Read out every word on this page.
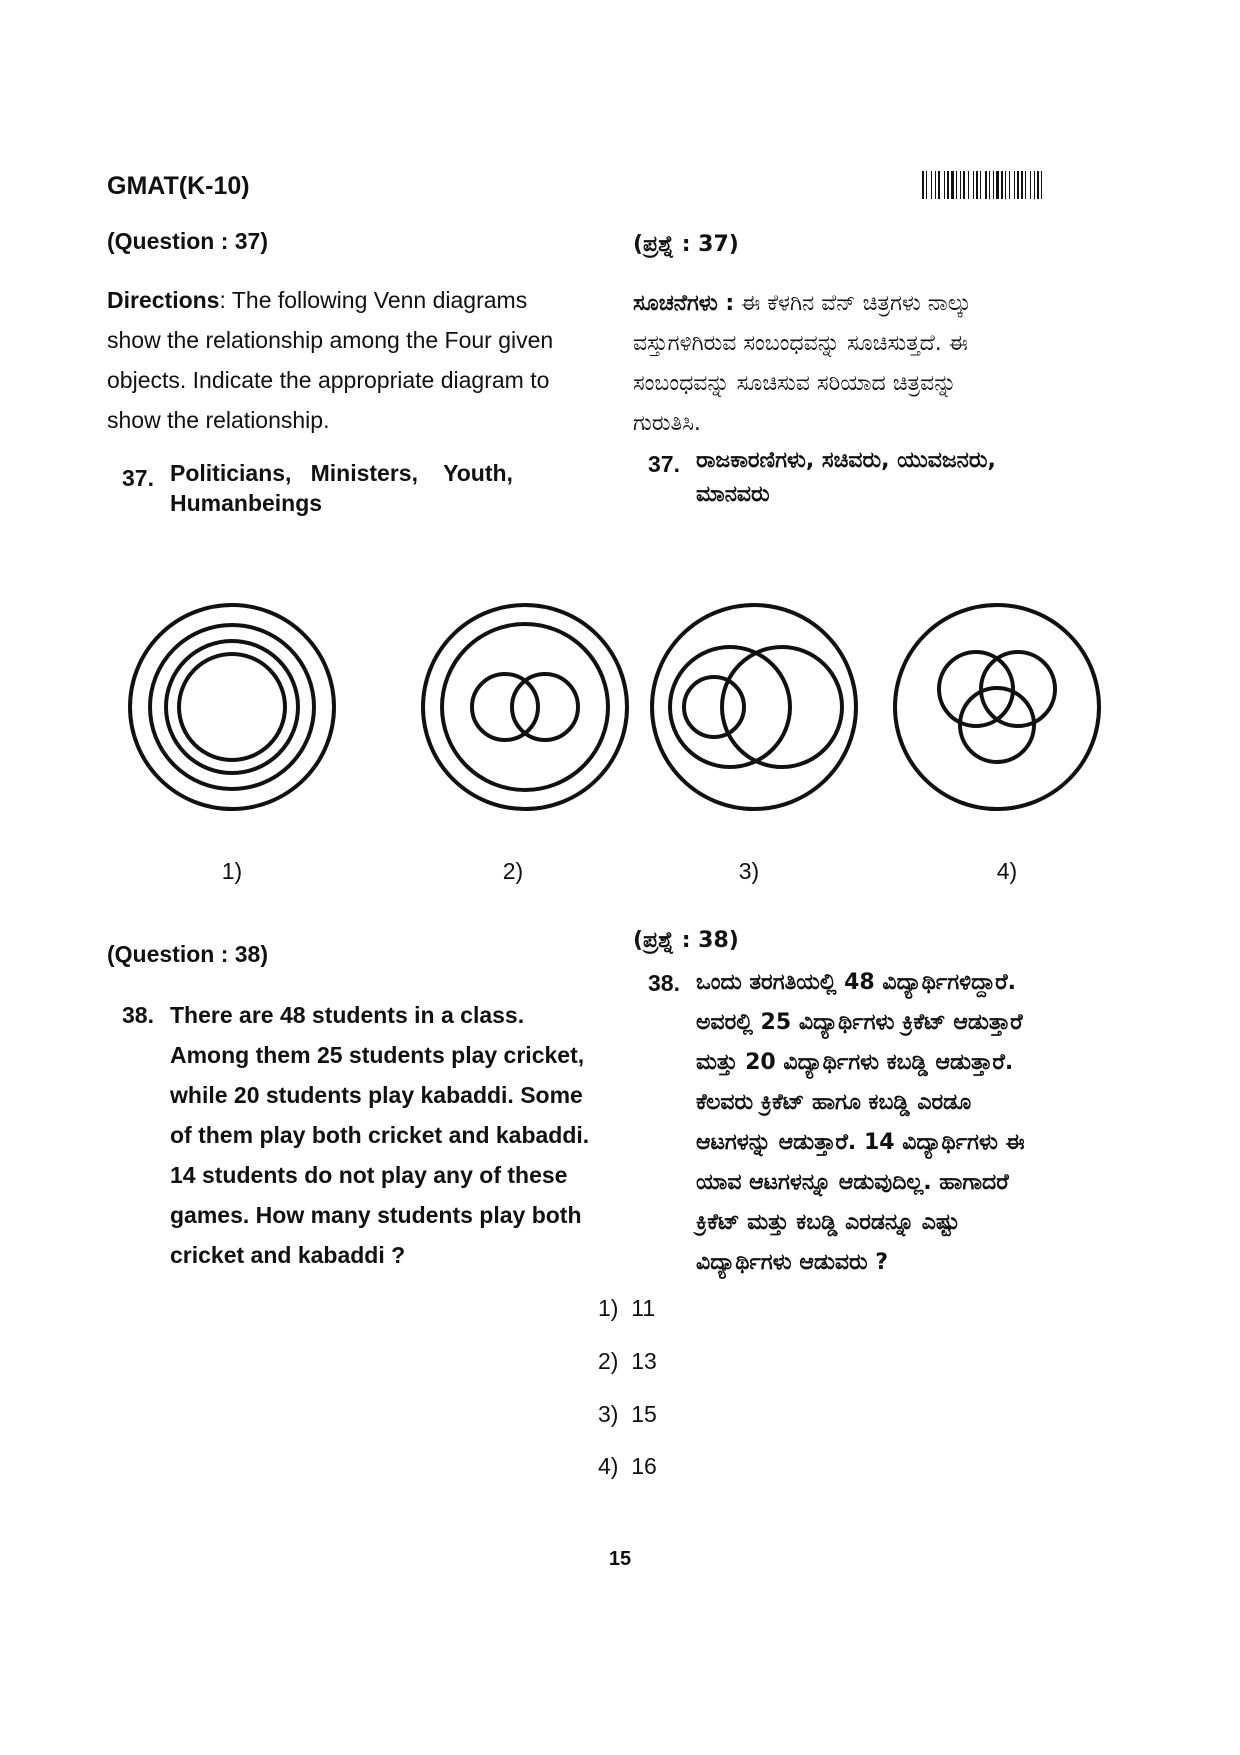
GMAT(K-10)
(Question : 37)	(ಪ್ರಶ್ನೆ : 37)
Directions: The following Venn diagrams
show the relationship among the Four given
objects. Indicate the appropriate diagram to
show the relationship.
ಸೂಚನೆಗಳು : ಈ ಕೆಳಗಿನ ವೆನ್ ಚಿತ್ರಗಳು ನಾಲ್ಕು
ವಸ್ತುಗಳಿಗಿರುವ ಸಂಬಂಧವನ್ನು ಸೂಚಿಸುತ್ತದೆ. ಈ
ಸಂಬಂಧವನ್ನು ಸೂಚಿಸುವ ಸರಿಯಾದ ಚಿತ್ರವನ್ನು
ಗುರುತಿಸಿ.
37. Politicians,   Ministers,    Youth,
Humanbeings
37. ರಾಜಕಾರಣಿಗಳು, ಸಚಿವರು, ಯುವಜನರು,
ಮಾನವರು
1)	2)	3)	4)
(ಪ್ರಶ್ನೆ : 38)
(Question : 38)
38. There are 48 students in a class.
Among them 25 students play cricket,
while 20 students play kabaddi. Some
of them play both cricket and kabaddi.
14 students do not play any of these
games. How many students play both
cricket and kabaddi ?
38. ಒಂದು ತರಗತಿಯಲ್ಲಿ 48 ವಿದ್ಯಾರ್ಥಿಗಳಿದ್ದಾರೆ.
ಅವರಲ್ಲಿ 25 ವಿದ್ಯಾರ್ಥಿಗಳು ಕ್ರಿಕೆಟ್ ಆಡುತ್ತಾರೆ
ಮತ್ತು 20 ವಿದ್ಯಾರ್ಥಿಗಳು ಕಬಡ್ಡಿ ಆಡುತ್ತಾರೆ.
ಕೆಲವರು ಕ್ರಿಕೆಟ್ ಹಾಗೂ ಕಬಡ್ಡಿ ಎರಡೂ
ಆಟಗಳನ್ನು ಆಡುತ್ತಾರೆ. 14 ವಿದ್ಯಾರ್ಥಿಗಳು ಈ
ಯಾವ ಆಟಗಳನ್ನೂ ಆಡುವುದಿಲ್ಲ. ಹಾಗಾದರೆ
ಕ್ರಿಕೆಟ್ ಮತ್ತು ಕಬಡ್ಡಿ ಎರಡನ್ನೂ ಎಷ್ಟು
ವಿದ್ಯಾರ್ಥಿಗಳು ಆಡುವರು ?
1) 11
2) 13
3) 15
4) 16
15
